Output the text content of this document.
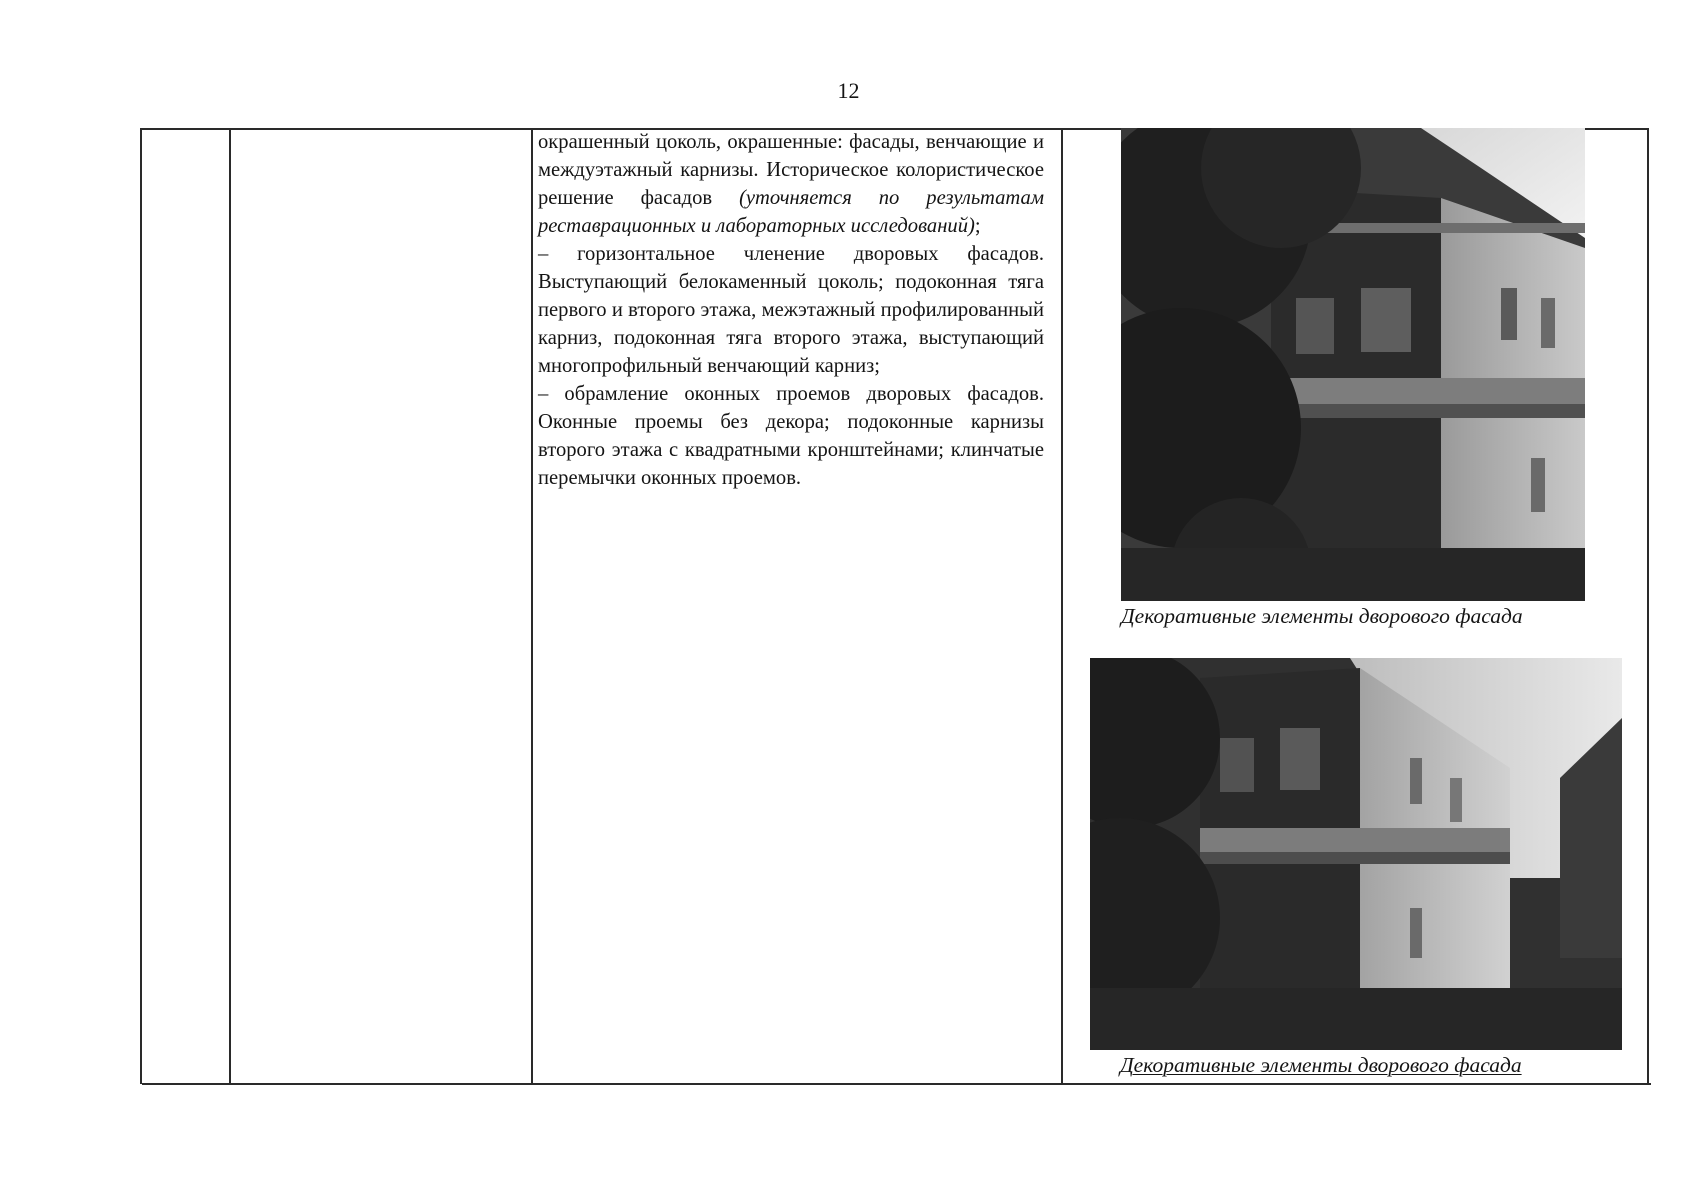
12

окрашенный цоколь, окрашенные: фасады, венчающие и междуэтажный карнизы. Историческое колористическое решение фасадов (уточняется по результатам реставрационных и лабораторных исследований);

– горизонтальное членение дворовых фасадов. Выступающий белокаменный цоколь; подоконная тяга первого и второго этажа, межэтажный профилированный карниз, подоконная тяга второго этажа, выступающий многопрофильный венчающий карниз;

– обрамление оконных проемов дворовых фасадов. Оконные проемы без декора; подоконные карнизы второго этажа с квадратными кронштейнами; клинчатые перемычки оконных проемов.

Декоративные элементы дворового фасада
Декоративные элементы дворового фасада
